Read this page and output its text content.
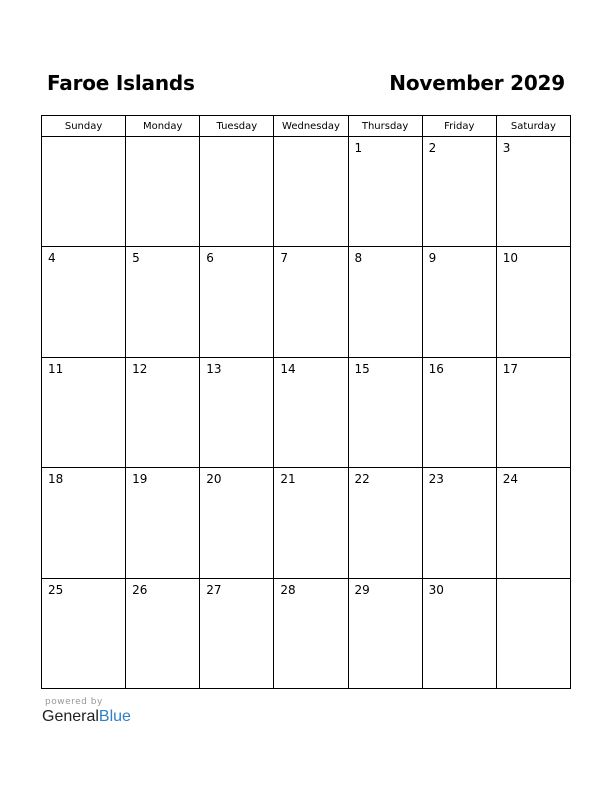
Faroe Islands	November 2029
Sunday	Monday	Tuesday	Wednesday	Thursday	Friday	Saturday

				1	2	3

4	5	6	7	8	9	10

11	12	13	14	15	16	17

18	19	20	21	22	23	24

25	26	27	28	29	30	

powered by
GeneralBlue
